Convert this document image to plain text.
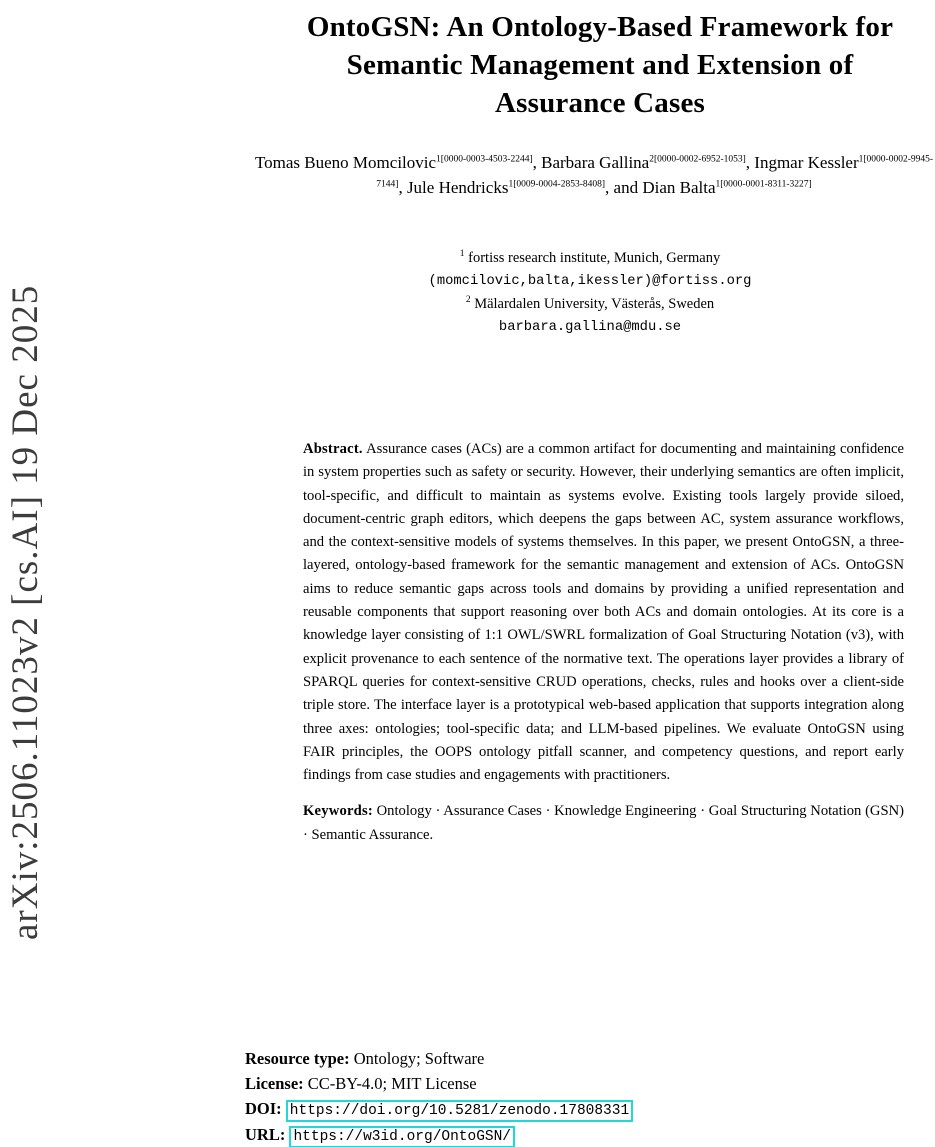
arXiv:2506.11023v2 [cs.AI] 19 Dec 2025
OntoGSN: An Ontology-Based Framework for
Semantic Management and Extension of
Assurance Cases

Tomas Bueno Momcilovic$^{1[0000-0003-4503-2244]}$, Barbara Gallina$^{2[0000-0002-6952-1053]}$, Ingmar Kessler$^{1[0000-0002-9945-7144]}$, Jule Hendricks$^{1[0009-0004-2853-8408]}$, and Dian Balta$^{1[0000-0001-8311-3227]}$

$^1$ fortiss research institute, Munich, Germany
(momcilovic,balta,ikessler)@fortiss.org
$^2$ Mälardalen University, Västerås, Sweden
barbara.gallina@mdu.se

Abstract. Assurance cases (ACs) are a common artifact for documenting and maintaining confidence in system properties such as safety or security. However, their underlying semantics are often implicit, tool-specific, and difficult to maintain as systems evolve. Existing tools largely provide siloed, document-centric graph editors, which deepens the gaps between AC, system assurance workflows, and the context-sensitive models of systems themselves. In this paper, we present OntoGSN, a three-layered, ontology-based framework for the semantic management and extension of ACs. OntoGSN aims to reduce semantic gaps across tools and domains by providing a unified representation and reusable components that support reasoning over both ACs and domain ontologies. At its core is a knowledge layer consisting of 1:1 OWL/SWRL formalization of Goal Structuring Notation (v3), with explicit provenance to each sentence of the normative text. The operations layer provides a library of SPARQL queries for context-sensitive CRUD operations, checks, rules and hooks over a client-side triple store. The interface layer is a prototypical web-based application that supports integration along three axes: ontologies; tool-specific data; and LLM-based pipelines. We evaluate OntoGSN using FAIR principles, the OOPS ontology pitfall scanner, and competency questions, and report early findings from case studies and engagements with practitioners.

Keywords: Ontology · Assurance Cases · Knowledge Engineering · Goal Structuring Notation (GSN) · Semantic Assurance.

Resource type: Ontology; Software
License: CC-BY-4.0; MIT License
DOI: https://doi.org/10.5281/zenodo.17808331
URL: https://w3id.org/OntoGSN/
